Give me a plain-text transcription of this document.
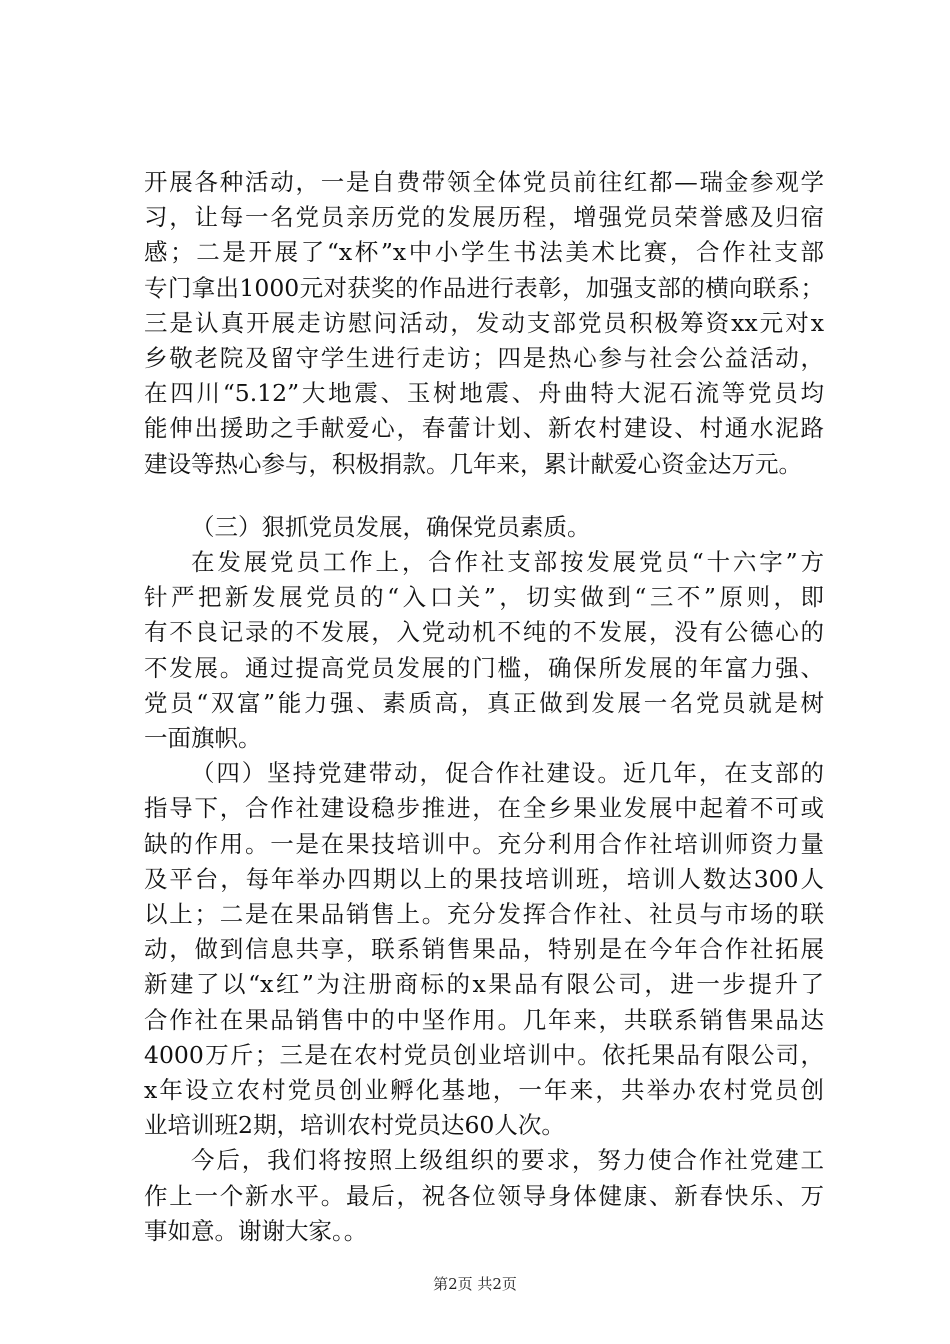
开展各种活动，一是自费带领全体党员前往红都—瑞金参观学
习，让每一名党员亲历党的发展历程，增强党员荣誉感及归宿
感；二是开展了“x杯”x中小学生书法美术比赛，合作社支部
专门拿出1000元对获奖的作品进行表彰，加强支部的横向联系；
三是认真开展走访慰问活动，发动支部党员积极筹资xx元对x
乡敬老院及留守学生进行走访；四是热心参与社会公益活动，
在四川“5.12”大地震、玉树地震、舟曲特大泥石流等党员均
能伸出援助之手献爱心，春蕾计划、新农村建设、村通水泥路
建设等热心参与，积极捐款。几年来，累计献爱心资金达万元。
（三）狠抓党员发展，确保党员素质。
在发展党员工作上，合作社支部按发展党员“十六字”方
针严把新发展党员的“入口关”，切实做到“三不”原则，即
有不良记录的不发展，入党动机不纯的不发展，没有公德心的
不发展。通过提高党员发展的门槛，确保所发展的年富力强、
党员“双富”能力强、素质高，真正做到发展一名党员就是树
一面旗帜。
（四）坚持党建带动，促合作社建设。近几年，在支部的
指导下，合作社建设稳步推进，在全乡果业发展中起着不可或
缺的作用。一是在果技培训中。充分利用合作社培训师资力量
及平台，每年举办四期以上的果技培训班，培训人数达300人
以上；二是在果品销售上。充分发挥合作社、社员与市场的联
动，做到信息共享，联系销售果品，特别是在今年合作社拓展
新建了以“x红”为注册商标的x果品有限公司，进一步提升了
合作社在果品销售中的中坚作用。几年来，共联系销售果品达
4000万斤；三是在农村党员创业培训中。依托果品有限公司，
x年设立农村党员创业孵化基地，一年来，共举办农村党员创
业培训班2期，培训农村党员达60人次。
今后，我们将按照上级组织的要求，努力使合作社党建工
作上一个新水平。最后，祝各位领导身体健康、新春快乐、万
事如意。谢谢大家。。
第2页 共2页
